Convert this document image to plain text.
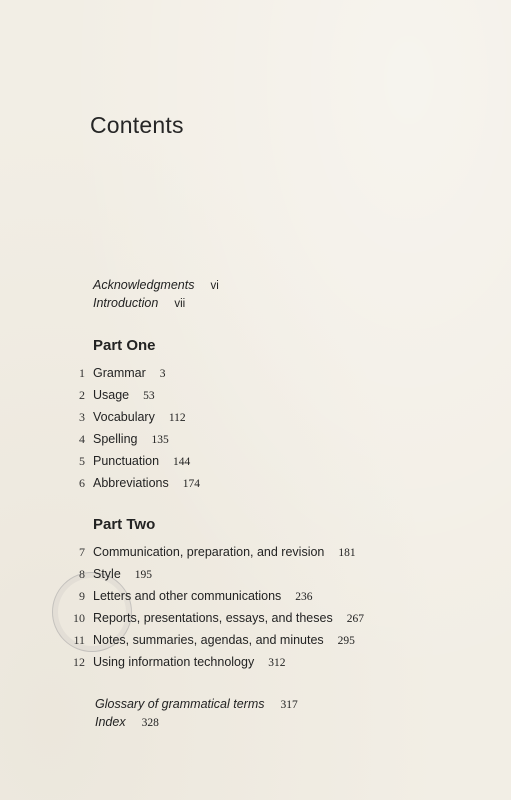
Contents
Acknowledgments vi
Introduction vii
Part One
1 Grammar 3
2 Usage 53
3 Vocabulary 112
4 Spelling 135
5 Punctuation 144
6 Abbreviations 174
Part Two
7 Communication, preparation, and revision 181
8 Style 195
9 Letters and other communications 236
10 Reports, presentations, essays, and theses 267
11 Notes, summaries, agendas, and minutes 295
12 Using information technology 312
Glossary of grammatical terms 317
Index 328
